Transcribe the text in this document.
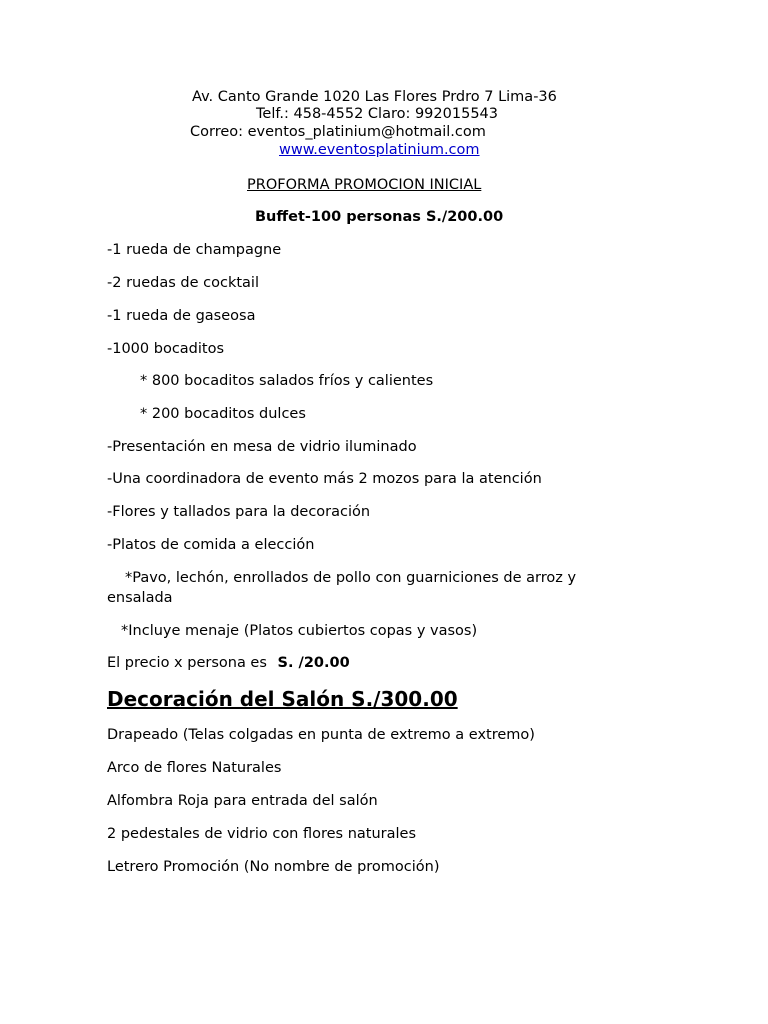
Av. Canto Grande 1020 Las Flores Prdro 7 Lima-36
Telf.: 458-4552 Claro: 992015543
Correo: eventos_platinium@hotmail.com
www.eventosplatinium.com
PROFORMA PROMOCION INICIAL
Buffet-100 personas S./200.00
-1 rueda de champagne
-2 ruedas de cocktail
-1 rueda de gaseosa
-1000 bocaditos
* 800 bocaditos salados fríos y calientes
* 200 bocaditos dulces
-Presentación en mesa de vidrio iluminado
-Una coordinadora de evento más 2 mozos para la atención
-Flores y tallados para la decoración
-Platos de comida a elección
*Pavo, lechón, enrollados de pollo con guarniciones de arroz y ensalada
*Incluye menaje (Platos cubiertos copas y vasos)
El precio x persona es S. /20.00
Decoración del Salón S./300.00
Drapeado (Telas colgadas en punta de extremo a extremo)
Arco de flores Naturales
Alfombra Roja para entrada del salón
2 pedestales de vidrio con flores naturales
Letrero Promoción (No nombre de promoción)
